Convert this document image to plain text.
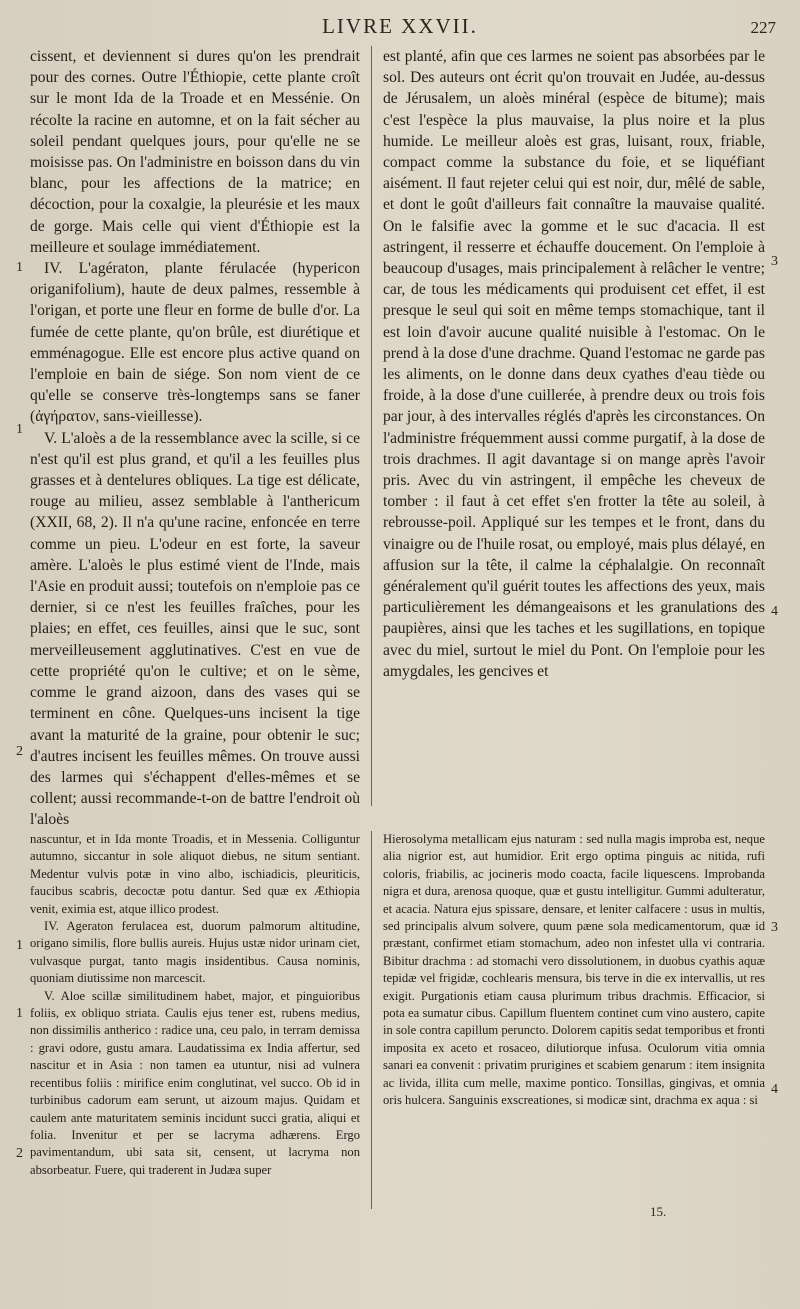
LIVRE XXVII.	227

cissent, et deviennent si dures qu'on les prendrait pour des cornes. Outre l'Éthiopie, cette plante croît sur le mont Ida de la Troade et en Messénie. On récolte la racine en automne, et on la fait sécher au soleil pendant quelques jours, pour qu'elle ne se moisisse pas. On l'administre en boisson dans du vin blanc, pour les affections de la matrice; en décoction, pour la coxalgie, la pleurésie et les maux de gorge. Mais celle qui vient d'Éthiopie est la meilleure et soulage immédiatement.

IV. L'agératon, plante férulacée (hypericon origanifolium), haute de deux palmes, ressemble à l'origan, et porte une fleur en forme de bulle d'or. La fumée de cette plante, qu'on brûle, est diurétique et emménagogue. Elle est encore plus active quand on l'emploie en bain de siége. Son nom vient de ce qu'elle se conserve très-longtemps sans se faner (ἀγήρατον, sans-vieillesse).

V. L'aloès a de la ressemblance avec la scille, si ce n'est qu'il est plus grand, et qu'il a les feuilles plus grasses et à dentelures obliques. La tige est délicate, rouge au milieu, assez semblable à l'anthericum (XXII, 68, 2). Il n'a qu'une racine, enfoncée en terre comme un pieu. L'odeur en est forte, la saveur amère. L'aloès le plus estimé vient de l'Inde, mais l'Asie en produit aussi; toutefois on n'emploie pas ce dernier, si ce n'est les feuilles fraîches, pour les plaies; en effet, ces feuilles, ainsi que le suc, sont merveilleusement agglutinatives. C'est en vue de cette propriété qu'on le cultive; et on le sème, comme le grand aizoon, dans des vases qui se terminent en cône. Quelques-uns incisent la tige avant la maturité de la graine, pour obtenir le suc; d'autres incisent les feuilles mêmes. On trouve aussi des larmes qui s'échappent d'elles-mêmes et se collent; aussi recommande-t-on de battre l'endroit où l'aloès

est planté, afin que ces larmes ne soient pas absorbées par le sol. Des auteurs ont écrit qu'on trouvait en Judée, au-dessus de Jérusalem, un aloès minéral (espèce de bitume); mais c'est l'espèce la plus mauvaise, la plus noire et la plus humide. Le meilleur aloès est gras, luisant, roux, friable, compact comme la substance du foie, et se liquéfiant aisément. Il faut rejeter celui qui est noir, dur, mêlé de sable, et dont le goût d'ailleurs fait connaître la mauvaise qualité. On le falsifie avec la gomme et le suc d'acacia. Il est astringent, il resserre et échauffe doucement. On l'emploie à beaucoup d'usages, mais principalement à relâcher le ventre; car, de tous les médicaments qui produisent cet effet, il est presque le seul qui soit en même temps stomachique, tant il est loin d'avoir aucune qualité nuisible à l'estomac. On le prend à la dose d'une drachme. Quand l'estomac ne garde pas les aliments, on le donne dans deux cyathes d'eau tiède ou froide, à la dose d'une cuillerée, à prendre deux ou trois fois par jour, à des intervalles réglés d'après les circonstances. On l'administre fréquemment aussi comme purgatif, à la dose de trois drachmes. Il agit davantage si on mange après l'avoir pris. Avec du vin astringent, il empêche les cheveux de tomber : il faut à cet effet s'en frotter la tête au soleil, à rebrousse-poil. Appliqué sur les tempes et le front, dans du vinaigre ou de l'huile rosat, ou employé, mais plus délayé, en affusion sur la tête, il calme la céphalalgie. On reconnaît généralement qu'il guérit toutes les affections des yeux, mais particulièrement les démangeaisons et les granulations des paupières, ainsi que les taches et les sugillations, en topique avec du miel, surtout le miel du Pont. On l'emploie pour les amygdales, les gencives et

nascuntur, et in Ida monte Troadis, et in Messenia. Colliguntur autumno, siccantur in sole aliquot diebus, ne situm sentiant. Medentur vulvis potæ in vino albo, ischiadicis, pleuriticis, faucibus scabris, decoctæ potu dantur. Sed quæ ex Æthiopia venit, eximia est, atque illico prodest.

IV. Ageraton ferulacea est, duorum palmorum altitudine, origano similis, flore bullis aureis. Hujus ustæ nidor urinam ciet, vulvasque purgat, tanto magis insidentibus. Causa nominis, quoniam diutissime non marcescit.

V. Aloe scillæ similitudinem habet, major, et pinguioribus foliis, ex obliquo striata. Caulis ejus tener est, rubens medius, non dissimilis antherico : radice una, ceu palo, in terram demissa : gravi odore, gustu amara. Laudatissima ex India affertur, sed nascitur et in Asia : non tamen ea utuntur, nisi ad vulnera recentibus foliis : mirifice enim conglutinat, vel succo. Ob id in turbinibus cadorum eam serunt, ut aizoum majus. Quidam et caulem ante maturitatem seminis incidunt succi gratia, aliqui et folia. Invenitur et per se lacryma adhærens. Ergo pavimentandum, ubi sata sit, censent, ut lacryma non absorbeatur. Fuere, qui traderent in Judæa super

Hierosolyma metallicam ejus naturam : sed nulla magis improba est, neque alia nigrior est, aut humidior. Erit ergo optima pinguis ac nitida, rufi coloris, friabilis, ac jocineris modo coacta, facile liquescens. Improbanda nigra et dura, arenosa quoque, quæ et gustu intelligitur. Gummi adulteratur, et acacia. Natura ejus spissare, densare, et leniter calfacere : usus in multis, sed principalis alvum solvere, quum pæne sola medicamentorum, quæ id præstant, confirmet etiam stomachum, adeo non infestet ulla vi contraria. Bibitur drachma : ad stomachi vero dissolutionem, in duobus cyathis aquæ tepidæ vel frigidæ, cochlearis mensura, bis terve in die ex intervallis, ut res exigit. Purgationis etiam causa plurimum tribus drachmis. Efficacior, si pota ea sumatur cibus. Capillum fluentem continet cum vino austero, capite in sole contra capillum peruncto. Dolorem capitis sedat temporibus et fronti imposita ex aceto et rosaceo, dilutiorque infusa. Oculorum vitia omnia sanari ea convenit : privatim prurigines et scabiem genarum : item insignita ac livida, illita cum melle, maxime pontico. Tonsillas, gingivas, et omnia oris hulcera. Sanguinis exscreationes, si modicæ sint, drachma ex aqua : si

15.
1
1
2
3
4
1
1
2
3
4
